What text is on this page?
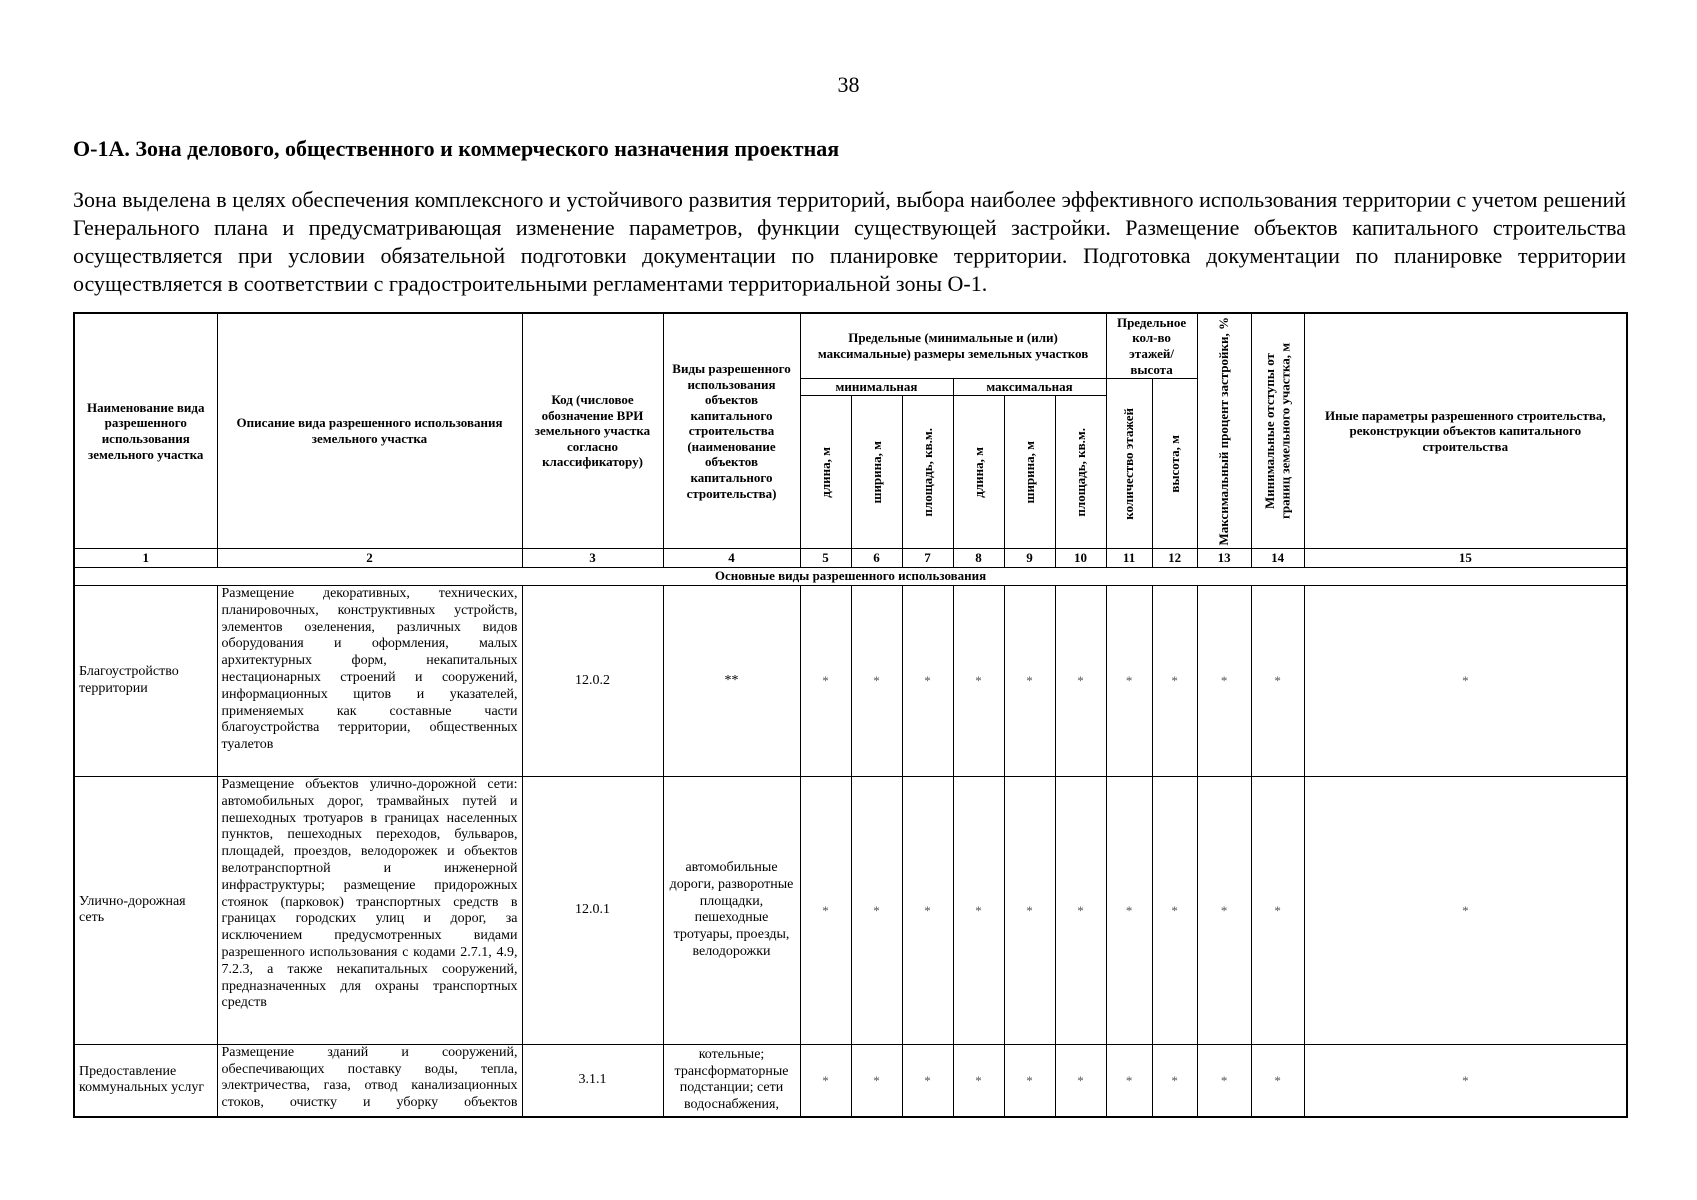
38
О-1А. Зона делового, общественного и коммерческого назначения проектная

Зона выделена в целях обеспечения комплексного и устойчивого развития территорий, выбора наиболее эффективного использования территории с учетом решений Генерального плана и предусматривающая изменение параметров, функции существующей застройки. Размещение объектов капитального строительства осуществляется при условии обязательной подготовки документации по планировке территории. Подготовка документации по планировке территории осуществляется в соответствии с градостроительными регламентами территориальной зоны О-1.

Наименование вида разрешенного использования земельного участка	Описание вида разрешенного использования земельного участка	Код (числовое обозначение ВРИ земельного участка согласно классификатору)	Виды разрешенного использования объектов капитального строительства (наименование объектов капитального строительства)	Предельные (минимальные и (или) максимальные) размеры земельных участков						Предельное кол-во этажей/ высота		Максимальный процент застройки, %	Минимальные отступы от границ земельного участка, м	Иные параметры разрешенного строительства, реконструкции объектов капитального строительства
				минимальная			максимальная			количество этажей	высота, м			

				длина, м	ширина, м	площадь, кв.м.	длина, м	ширина, м	площадь, кв.м.					

1	2	3	4	5	6	7	8	9	10	11	12	13	14	15
Основные виды разрешенного использования														
Благоустройство территории	Размещение декоративных, технических, планировочных, конструктивных устройств, элементов озеленения, различных видов оборудования и оформления, малых архитектурных форм, некапитальных нестационарных строений и сооружений, информационных щитов и указателей, применяемых как составные части благоустройства территории, общественных туалетов	12.0.2	**	*	*	*	*	*	*	*	*	*	*	*
Улично-дорожная сеть	Размещение объектов улично-дорожной сети: автомобильных дорог, трамвайных путей и пешеходных тротуаров в границах населенных пунктов, пешеходных переходов, бульваров, площадей, проездов, велодорожек и объектов велотранспортной и инженерной инфраструктуры; размещение придорожных стоянок (парковок) транспортных средств в границах городских улиц и дорог, за исключением предусмотренных видами разрешенного использования с кодами 2.7.1, 4.9, 7.2.3, а также некапитальных сооружений, предназначенных для охраны транспортных средств	12.0.1	автомобильные дороги, разворотные площадки, пешеходные тротуары, проезды, велодорожки	*	*	*	*	*	*	*	*	*	*	*
Предоставление коммунальных услуг	Размещение зданий и сооружений, обеспечивающих поставку воды, тепла, электричества, газа, отвод канализационных стоков, очистку и уборку объектов	3.1.1	котельные; трансформаторные подстанции; сети водоснабжения,	*	*	*	*	*	*	*	*	*	*	*
